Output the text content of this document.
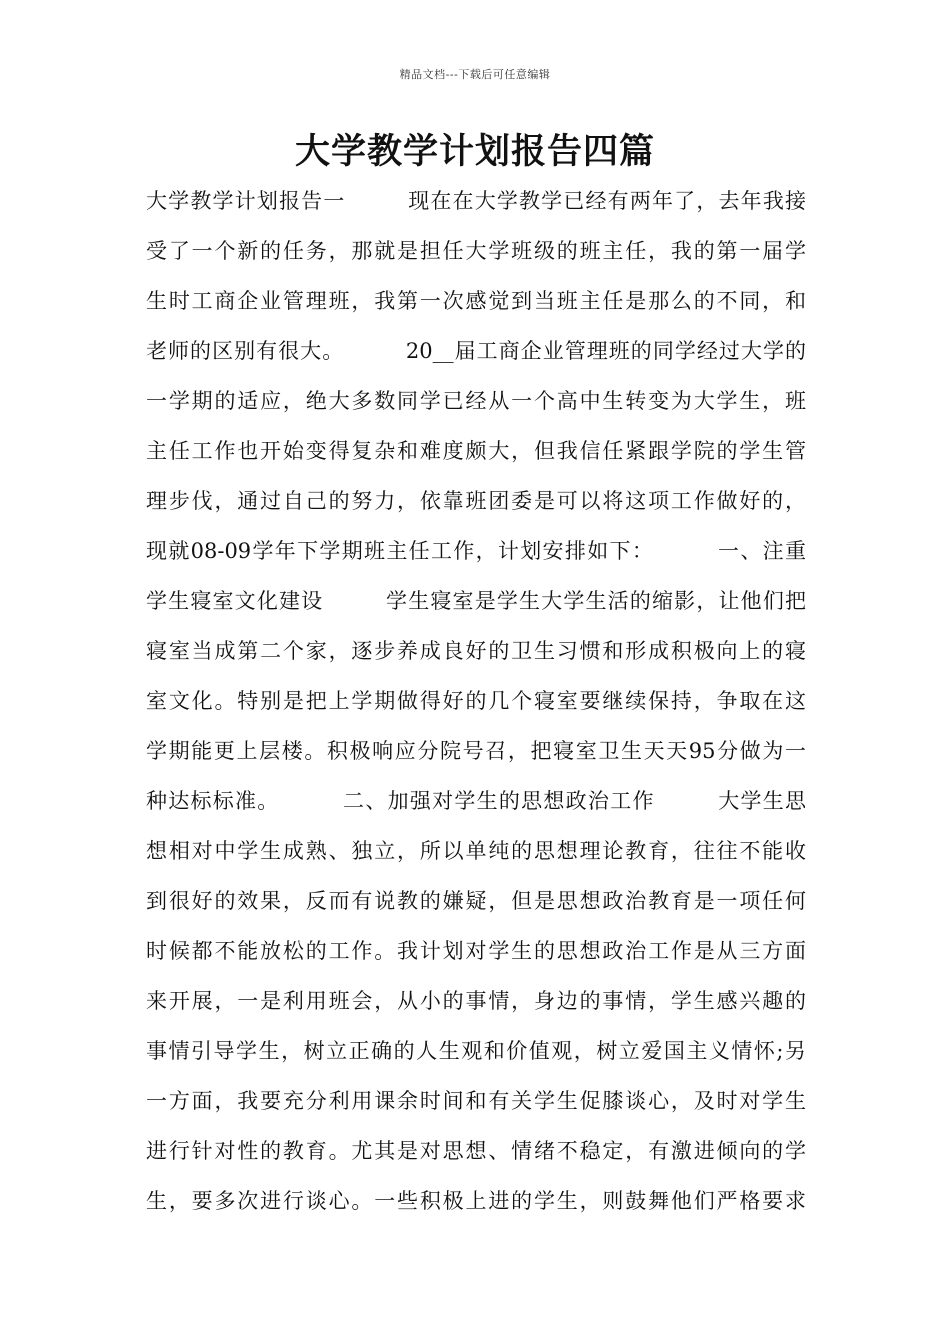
精品文档---下载后可任意编辑
大学教学计划报告四篇
大学教学计划报告一        现在在大学教学已经有两年了，去年我接
受了一个新的任务，那就是担任大学班级的班主任，我的第一届学
生时工商企业管理班，我第一次感觉到当班主任是那么的不同，和
老师的区别有很大。        20__届工商企业管理班的同学经过大学的
一学期的适应，绝大多数同学已经从一个高中生转变为大学生，班
主任工作也开始变得复杂和难度颇大，但我信任紧跟学院的学生管
理步伐，通过自己的努力，依靠班团委是可以将这项工作做好的，
现就08-09学年下学期班主任工作，计划安排如下：        一、注重
学生寝室文化建设        学生寝室是学生大学生活的缩影，让他们把
寝室当成第二个家，逐步养成良好的卫生习惯和形成积极向上的寝
室文化。特别是把上学期做得好的几个寝室要继续保持，争取在这
学期能更上层楼。积极响应分院号召，把寝室卫生天天95分做为一
种达标标准。        二、加强对学生的思想政治工作        大学生思
想相对中学生成熟、独立，所以单纯的思想理论教育，往往不能收
到很好的效果，反而有说教的嫌疑，但是思想政治教育是一项任何
时候都不能放松的工作。我计划对学生的思想政治工作是从三方面
来开展，一是利用班会，从小的事情，身边的事情，学生感兴趣的
事情引导学生，树立正确的人生观和价值观，树立爱国主义情怀;另
一方面，我要充分利用课余时间和有关学生促膝谈心，及时对学生
进行针对性的教育。尤其是对思想、情绪不稳定，有激进倾向的学
生，要多次进行谈心。一些积极上进的学生，则鼓舞他们严格要求
